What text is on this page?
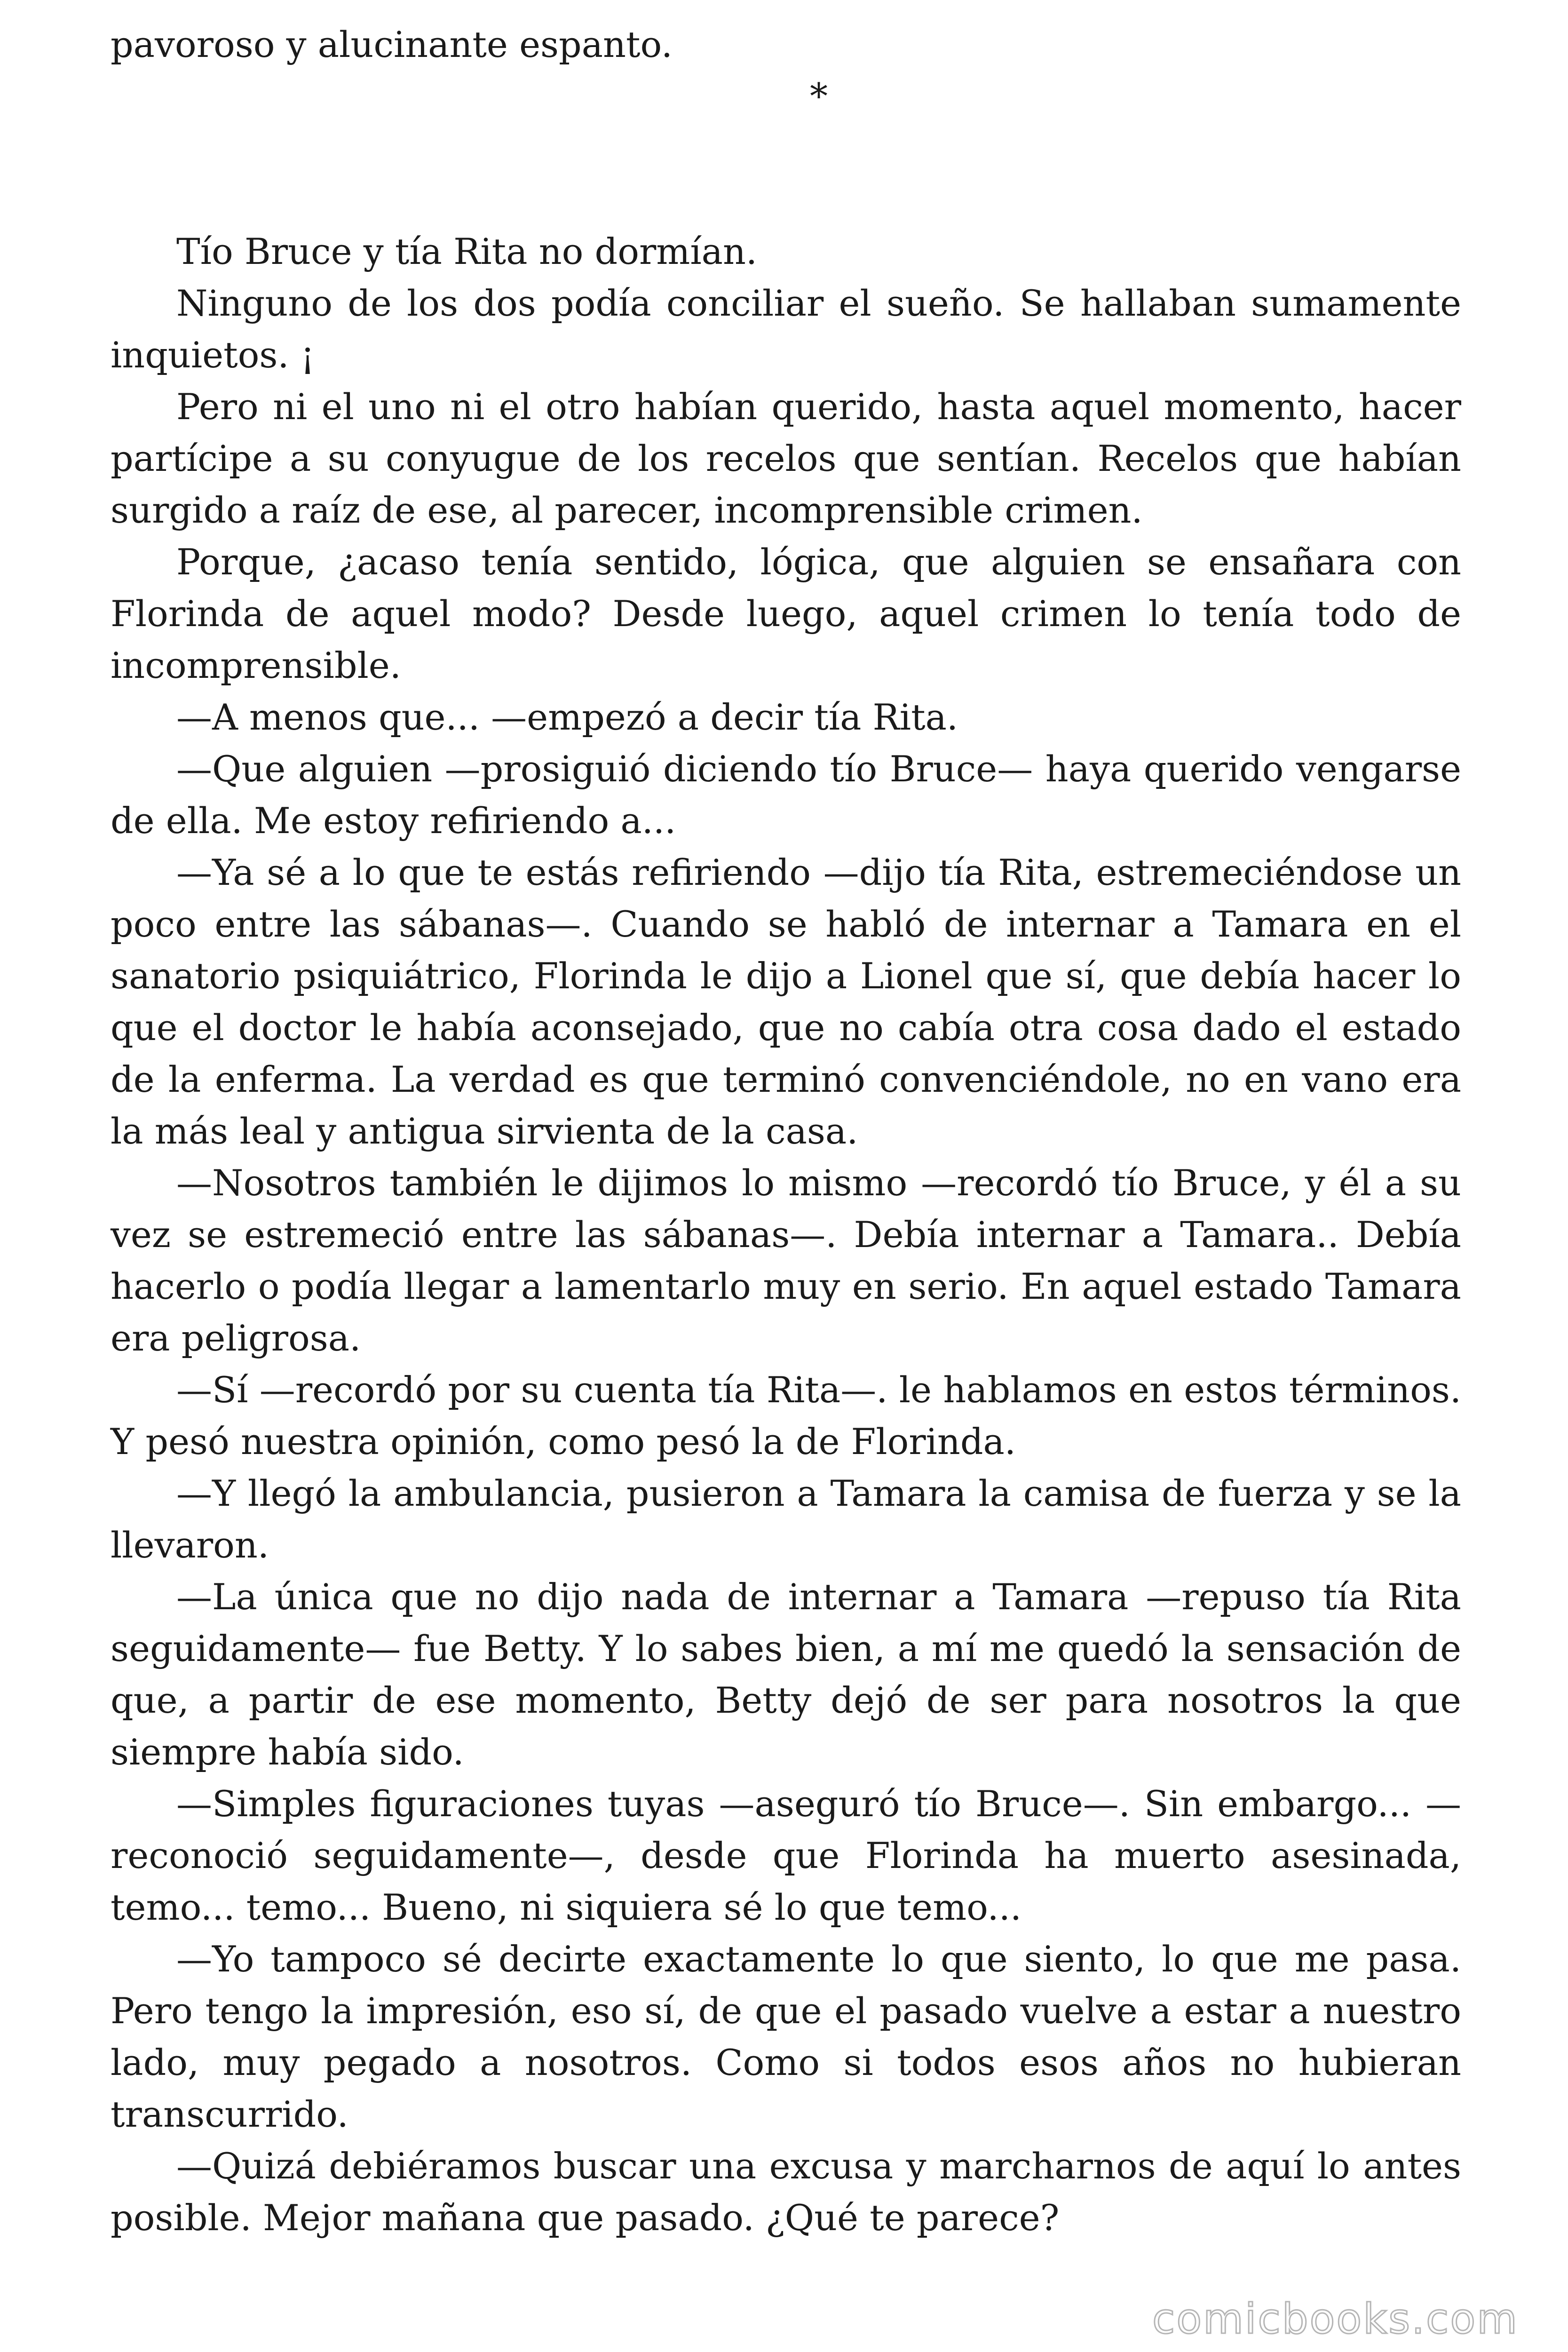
pavoroso y alucinante espanto.

*

Tío Bruce y tía Rita no dormían.

Ninguno de los dos podía conciliar el sueño. Se hallaban sumamente inquietos. ¡

Pero ni el uno ni el otro habían querido, hasta aquel momento, hacer partícipe a su conyugue de los recelos que sentían. Recelos que habían surgido a raíz de ese, al parecer, incomprensible crimen.

Porque, ¿acaso tenía sentido, lógica, que alguien se ensañara con Florinda de aquel modo? Desde luego, aquel crimen lo tenía todo de incomprensible.

—A menos que... —empezó a decir tía Rita.

—Que alguien —prosiguió diciendo tío Bruce— haya querido vengarse de ella. Me estoy refiriendo a...

—Ya sé a lo que te estás refiriendo —dijo tía Rita, estremeciéndose un poco entre las sábanas—. Cuando se habló de internar a Tamara en el sanatorio psiquiátrico, Florinda le dijo a Lionel que sí, que debía hacer lo que el doctor le había aconsejado, que no cabía otra cosa dado el estado de la enferma. La verdad es que terminó convenciéndole, no en vano era la más leal y antigua sirvienta de la casa.

—Nosotros también le dijimos lo mismo —recordó tío Bruce, y él a su vez se estremeció entre las sábanas—. Debía internar a Tamara.. Debía hacerlo o podía llegar a lamentarlo muy en serio. En aquel estado Tamara era peligrosa.

—Sí —recordó por su cuenta tía Rita—. le hablamos en estos términos. Y pesó nuestra opinión, como pesó la de Florinda.

—Y llegó la ambulancia, pusieron a Tamara la camisa de fuerza y se la llevaron.

—La única que no dijo nada de internar a Tamara —repuso tía Rita seguidamente— fue Betty. Y lo sabes bien, a mí me quedó la sensación de que, a partir de ese momento, Betty dejó de ser para nosotros la que siempre había sido.

—Simples figuraciones tuyas —aseguró tío Bruce—. Sin embargo... —reconoció seguidamente—, desde que Florinda ha muerto asesinada, temo... temo... Bueno, ni siquiera sé lo que temo...

—Yo tampoco sé decirte exactamente lo que siento, lo que me pasa. Pero tengo la impresión, eso sí, de que el pasado vuelve a estar a nuestro lado, muy pegado a nosotros. Como si todos esos años no hubieran transcurrido.

—Quizá debiéramos buscar una excusa y marcharnos de aquí lo antes posible. Mejor mañana que pasado. ¿Qué te parece?

comicbooks.com
